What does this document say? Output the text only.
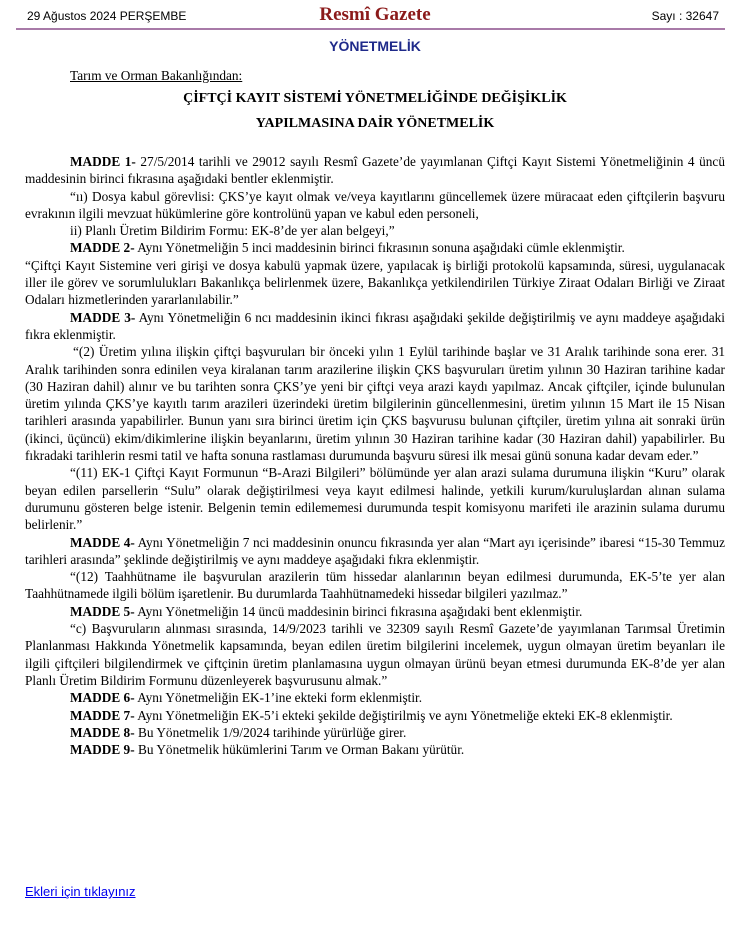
29 Ağustos 2024 PERŞEMBE	Resmî Gazete	Sayı : 32647
YÖNETMELİK
Tarım ve Orman Bakanlığından:
ÇİFTÇİ KAYIT SİSTEMİ YÖNETMELİĞİNDE DEĞİŞİKLİK
YAPILMASINA DAİR YÖNETMELİK

MADDE 1- 27/5/2014 tarihli ve 29012 sayılı Resmî Gazete’de yayımlanan Çiftçi Kayıt Sistemi Yönetmeliğinin 4 üncü maddesinin birinci fıkrasına aşağıdaki bentler eklenmiştir.

“ıı) Dosya kabul görevlisi: ÇKS’ye kayıt olmak ve/veya kayıtlarını güncellemek üzere müracaat eden çiftçilerin başvuru evrakının ilgili mevzuat hükümlerine göre kontrolünü yapan ve kabul eden personeli,

ii) Planlı Üretim Bildirim Formu: EK-8’de yer alan belgeyi,”

MADDE 2- Aynı Yönetmeliğin 5 inci maddesinin birinci fıkrasının sonuna aşağıdaki cümle eklenmiştir.

“Çiftçi Kayıt Sistemine veri girişi ve dosya kabulü yapmak üzere, yapılacak iş birliği protokolü kapsamında, süresi, uygulanacak iller ile görev ve sorumlulukları Bakanlıkça belirlenmek üzere, Bakanlıkça yetkilendirilen Türkiye Ziraat Odaları Birliği ve Ziraat Odaları hizmetlerinden yararlanılabilir.”

MADDE 3- Aynı Yönetmeliğin 6 ncı maddesinin ikinci fıkrası aşağıdaki şekilde değiştirilmiş ve aynı maddeye aşağıdaki fıkra eklenmiştir.

“(2) Üretim yılına ilişkin çiftçi başvuruları bir önceki yılın 1 Eylül tarihinde başlar ve 31 Aralık tarihinde sona erer. 31 Aralık tarihinden sonra edinilen veya kiralanan tarım arazilerine ilişkin ÇKS başvuruları üretim yılının 30 Haziran tarihine kadar (30 Haziran dahil) alınır ve bu tarihten sonra ÇKS’ye yeni bir çiftçi veya arazi kaydı yapılmaz. Ancak çiftçiler, içinde bulunulan üretim yılında ÇKS’ye kayıtlı tarım arazileri üzerindeki üretim bilgilerinin güncellenmesini, üretim yılının 15 Mart ile 15 Nisan tarihleri arasında yapabilirler. Bunun yanı sıra birinci üretim için ÇKS başvurusu bulunan çiftçiler, üretim yılına ait sonraki ürün (ikinci, üçüncü) ekim/dikimlerine ilişkin beyanlarını, üretim yılının 30 Haziran tarihine kadar (30 Haziran dahil) yapabilirler. Bu fıkradaki tarihlerin resmi tatil ve hafta sonuna rastlaması durumunda başvuru süresi ilk mesai günü sonuna kadar devam eder.”

“(11) EK-1 Çiftçi Kayıt Formunun “B-Arazi Bilgileri” bölümünde yer alan arazi sulama durumuna ilişkin “Kuru” olarak beyan edilen parsellerin “Sulu” olarak değiştirilmesi veya kayıt edilmesi halinde, yetkili kurum/kuruluşlardan alınan sulama durumunu gösteren belge istenir. Belgenin temin edilememesi durumunda tespit komisyonu marifeti ile arazinin sulama durumu belirlenir.”

MADDE 4- Aynı Yönetmeliğin 7 nci maddesinin onuncu fıkrasında yer alan “Mart ayı içerisinde” ibaresi “15-30 Temmuz tarihleri arasında” şeklinde değiştirilmiş ve aynı maddeye aşağıdaki fıkra eklenmiştir.

“(12) Taahhütname ile başvurulan arazilerin tüm hissedar alanlarının beyan edilmesi durumunda, EK-5’te yer alan Taahhütnamede ilgili bölüm işaretlenir. Bu durumlarda Taahhütnamedeki hissedar bilgileri yazılmaz.”

MADDE 5- Aynı Yönetmeliğin 14 üncü maddesinin birinci fıkrasına aşağıdaki bent eklenmiştir.

“c) Başvuruların alınması sırasında, 14/9/2023 tarihli ve 32309 sayılı Resmî Gazete’de yayımlanan Tarımsal Üretimin Planlanması Hakkında Yönetmelik kapsamında, beyan edilen üretim bilgilerini incelemek, uygun olmayan üretim beyanları ile ilgili çiftçileri bilgilendirmek ve çiftçinin üretim planlamasına uygun olmayan ürünü beyan etmesi durumunda EK-8’de yer alan Planlı Üretim Bildirim Formunu düzenleyerek başvurusunu almak.”

MADDE 6- Aynı Yönetmeliğin EK-1’ine ekteki form eklenmiştir.

MADDE 7- Aynı Yönetmeliğin EK-5’i ekteki şekilde değiştirilmiş ve aynı Yönetmeliğe ekteki EK-8 eklenmiştir.

MADDE 8- Bu Yönetmelik 1/9/2024 tarihinde yürürlüğe girer.

MADDE 9- Bu Yönetmelik hükümlerini Tarım ve Orman Bakanı yürütür.

Ekleri için tıklayınız
